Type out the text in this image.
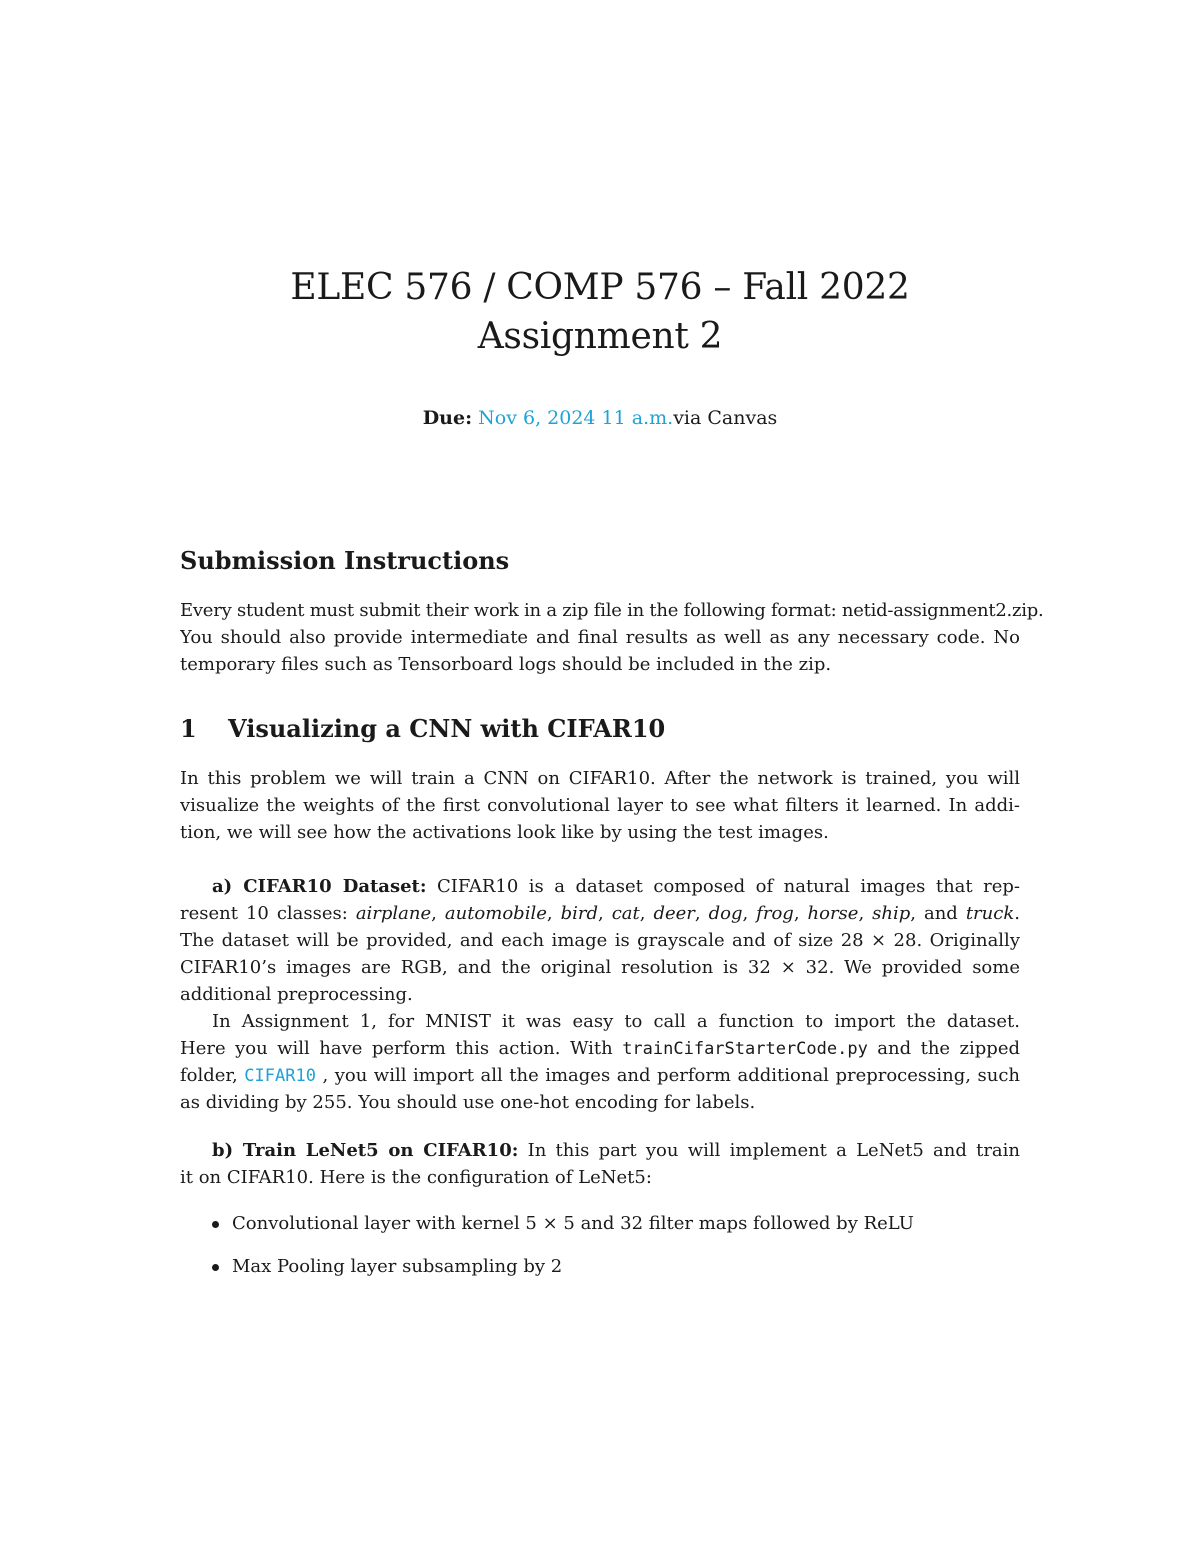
ELEC 576 / COMP 576 – Fall 2022
Assignment 2
Due: Nov 6, 2024 11 a.m.via Canvas
Submission Instructions
Every student must submit their work in a zip file in the following format: netid-assignment2.zip.
You should also provide intermediate and final results as well as any necessary code. No
temporary files such as Tensorboard logs should be included in the zip.
1 Visualizing a CNN with CIFAR10
In this problem we will train a CNN on CIFAR10. After the network is trained, you will
visualize the weights of the first convolutional layer to see what filters it learned. In addi-
tion, we will see how the activations look like by using the test images.
a) CIFAR10 Dataset: CIFAR10 is a dataset composed of natural images that rep-
resent 10 classes: airplane, automobile, bird, cat, deer, dog, frog, horse, ship, and truck.
The dataset will be provided, and each image is grayscale and of size 28 × 28. Originally
CIFAR10’s images are RGB, and the original resolution is 32 × 32. We provided some
additional preprocessing.
In Assignment 1, for MNIST it was easy to call a function to import the dataset.
Here you will have perform this action. With trainCifarStarterCode.py and the zipped
folder, CIFAR10 , you will import all the images and perform additional preprocessing, such
as dividing by 255. You should use one-hot encoding for labels.
b) Train LeNet5 on CIFAR10: In this part you will implement a LeNet5 and train
it on CIFAR10. Here is the configuration of LeNet5:
Convolutional layer with kernel 5 × 5 and 32 filter maps followed by ReLU
Max Pooling layer subsampling by 2
